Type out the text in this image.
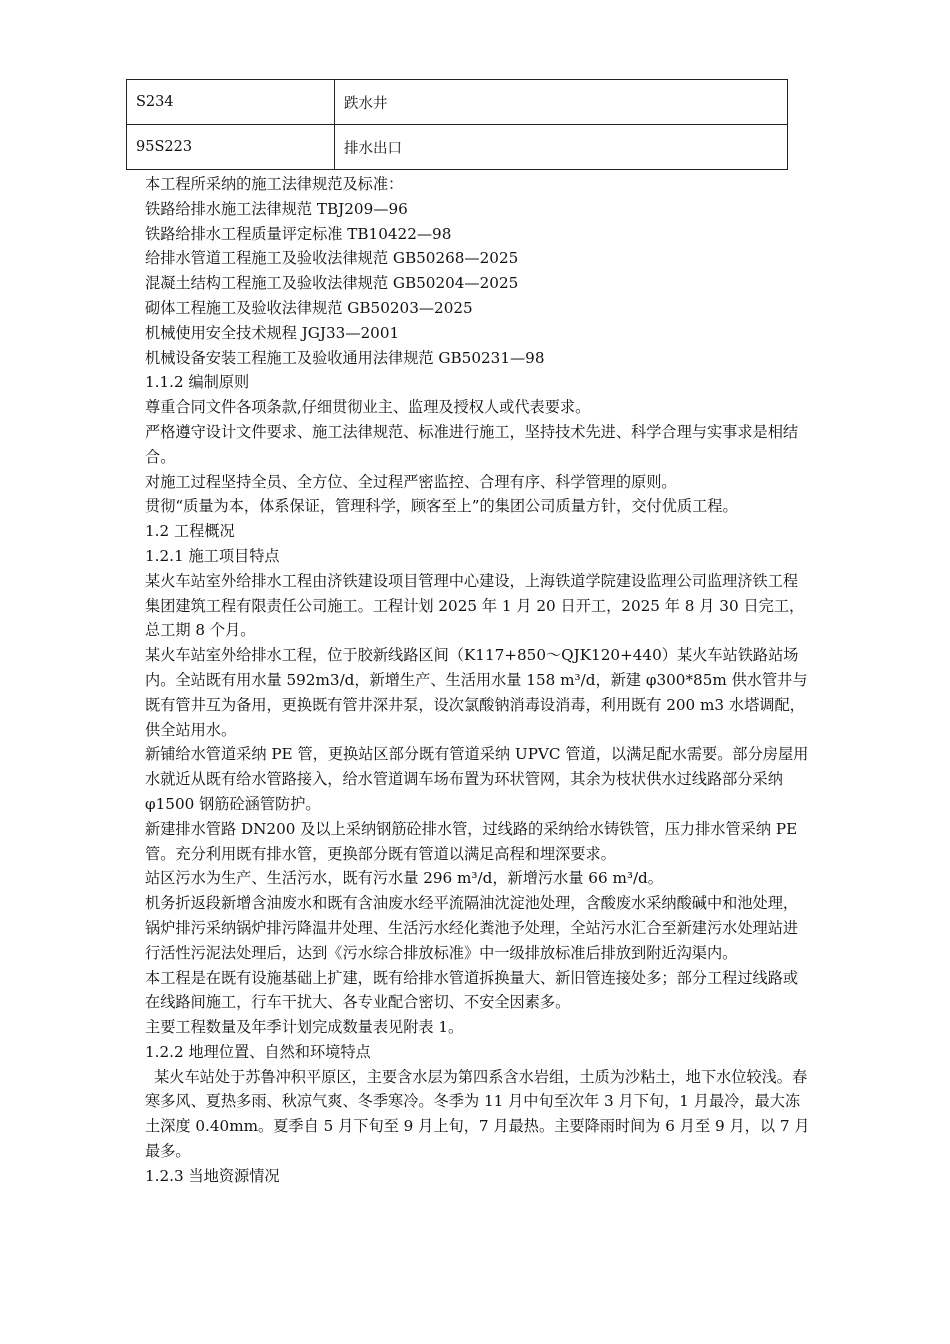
S234	跌水井
95S223	排水出口

本工程所采纳的施工法律规范及标准：

铁路给排水施工法律规范 TBJ209—96

铁路给排水工程质量评定标准 TB10422—98

给排水管道工程施工及验收法律规范 GB50268—2025

混凝土结构工程施工及验收法律规范 GB50204—2025

砌体工程施工及验收法律规范 GB50203—2025

机械使用安全技术规程 JGJ33—2001

机械设备安装工程施工及验收通用法律规范 GB50231—98

1.1.2 编制原则

尊重合同文件各项条款,仔细贯彻业主、监理及授权人或代表要求。

严格遵守设计文件要求、施工法律规范、标准进行施工，坚持技术先进、科学合理与实事求是相结合。

对施工过程坚持全员、全方位、全过程严密监控、合理有序、科学管理的原则。

贯彻“质量为本，体系保证，管理科学，顾客至上”的集团公司质量方针，交付优质工程。

1.2 工程概况

1.2.1 施工项目特点

某火车站室外给排水工程由济铁建设项目管理中心建设，上海铁道学院建设监理公司监理济铁工程集团建筑工程有限责任公司施工。工程计划 2025 年 1 月 20 日开工，2025 年 8 月 30 日完工，总工期 8 个月。

某火车站室外给排水工程，位于胶新线路区间（K117+850～QJK120+440）某火车站铁路站场内。全站既有用水量 592m3/d，新增生产、生活用水量 158 m³/d，新建 φ300*85m 供水管井与既有管井互为备用，更换既有管井深井泵，设次氯酸钠消毒设消毒，利用既有 200 m3 水塔调配，供全站用水。

新铺给水管道采纳 PE 管，更换站区部分既有管道采纳 UPVC 管道，以满足配水需要。部分房屋用水就近从既有给水管路接入，给水管道调车场布置为环状管网，其余为枝状供水过线路部分采纳 φ1500 钢筋砼涵管防护。

新建排水管路 DN200 及以上采纳钢筋砼排水管，过线路的采纳给水铸铁管，压力排水管采纳 PE 管。充分利用既有排水管，更换部分既有管道以满足高程和埋深要求。

站区污水为生产、生活污水，既有污水量 296 m³/d，新增污水量 66 m³/d。

机务折返段新增含油废水和既有含油废水经平流隔油沈淀池处理，含酸废水采纳酸碱中和池处理，锅炉排污采纳锅炉排污降温井处理、生活污水经化粪池予处理，全站污水汇合至新建污水处理站进行活性污泥法处理后，达到《污水综合排放标准》中一级排放标准后排放到附近沟渠内。

本工程是在既有设施基础上扩建，既有给排水管道拆换量大、新旧管连接处多；部分工程过线路或在线路间施工，行车干扰大、各专业配合密切、不安全因素多。

主要工程数量及年季计划完成数量表见附表 1。

1.2.2 地理位置、自然和环境特点

某火车站处于苏鲁冲积平原区，主要含水层为第四系含水岩组，土质为沙粘土，地下水位较浅。春寒多风、夏热多雨、秋凉气爽、冬季寒冷。冬季为 11 月中旬至次年 3 月下旬，1 月最冷，最大冻土深度 0.40mm。夏季自 5 月下旬至 9 月上旬，7 月最热。主要降雨时间为 6 月至 9 月，以 7 月最多。

1.2.3 当地资源情况
